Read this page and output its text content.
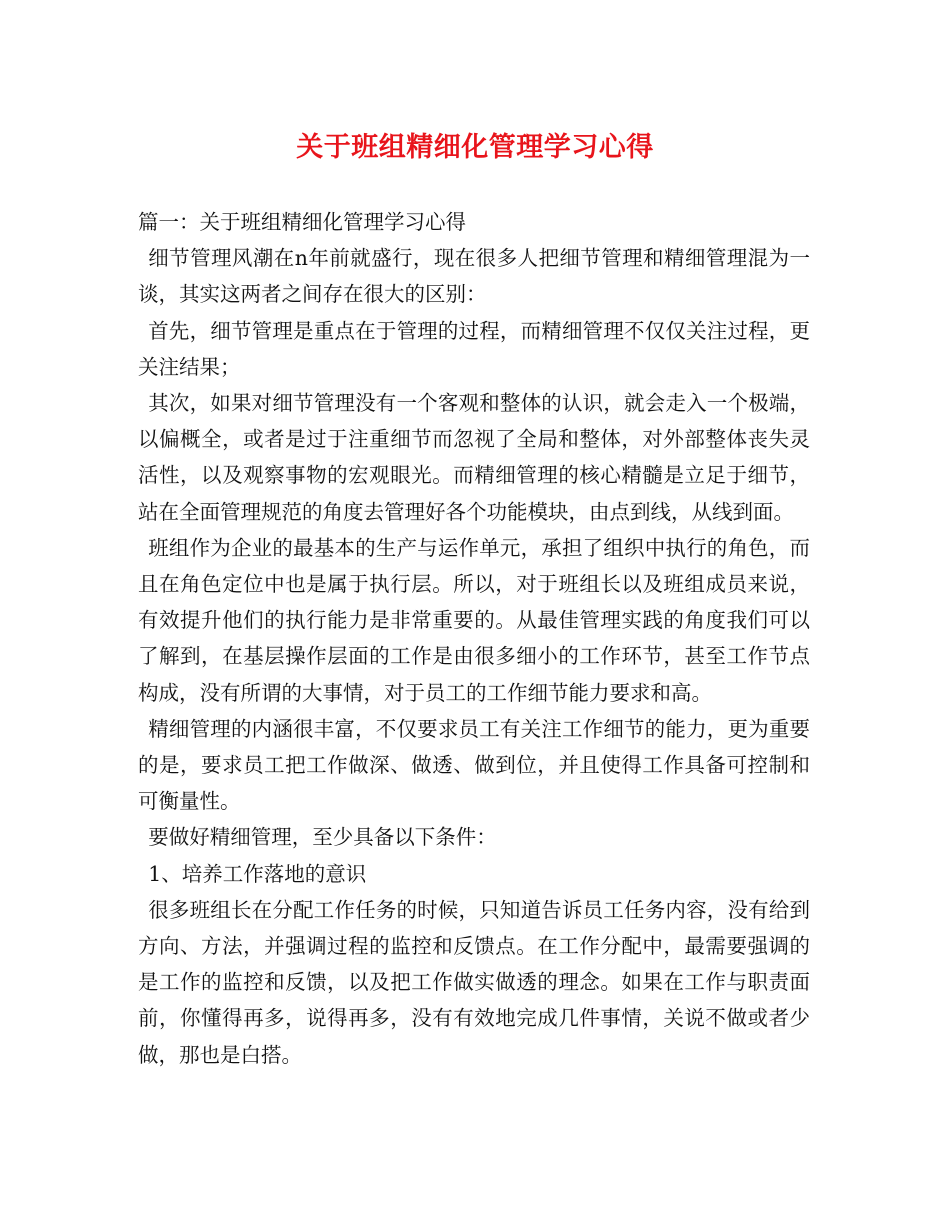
关于班组精细化管理学习心得

篇一：关于班组精细化管理学习心得

细节管理风潮在n年前就盛行，现在很多人把细节管理和精细管理混为一谈，其实这两者之间存在很大的区别：

首先，细节管理是重点在于管理的过程，而精细管理不仅仅关注过程，更关注结果；

其次，如果对细节管理没有一个客观和整体的认识，就会走入一个极端，以偏概全，或者是过于注重细节而忽视了全局和整体，对外部整体丧失灵活性，以及观察事物的宏观眼光。而精细管理的核心精髓是立足于细节，站在全面管理规范的角度去管理好各个功能模块，由点到线，从线到面。

班组作为企业的最基本的生产与运作单元，承担了组织中执行的角色，而且在角色定位中也是属于执行层。所以，对于班组长以及班组成员来说，有效提升他们的执行能力是非常重要的。从最佳管理实践的角度我们可以了解到，在基层操作层面的工作是由很多细小的工作环节，甚至工作节点构成，没有所谓的大事情，对于员工的工作细节能力要求和高。

精细管理的内涵很丰富，不仅要求员工有关注工作细节的能力，更为重要的是，要求员工把工作做深、做透、做到位，并且使得工作具备可控制和可衡量性。

要做好精细管理，至少具备以下条件：

1、培养工作落地的意识

很多班组长在分配工作任务的时候，只知道告诉员工任务内容，没有给到方向、方法，并强调过程的监控和反馈点。在工作分配中，最需要强调的是工作的监控和反馈，以及把工作做实做透的理念。如果在工作与职责面前，你懂得再多，说得再多，没有有效地完成几件事情，关说不做或者少做，那也是白搭。
